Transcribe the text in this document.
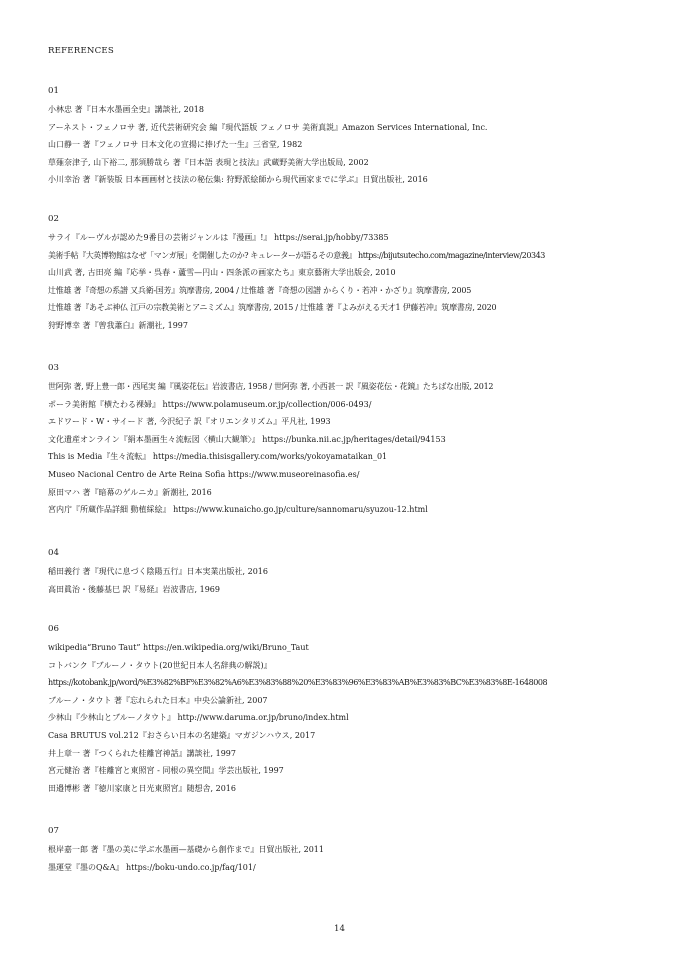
REFERENCES
01
小林忠 著『日本水墨画全史』講談社, 2018
アーネスト・フェノロサ 著, 近代芸術研究会 編『現代語版 フェノロサ 美術真説』Amazon Services International, Inc.
山口静一 著『フェノロサ 日本文化の宣揚に捧げた一生』三省堂, 1982
草薙奈津子, 山下裕二, 那須勝哉ら 著『日本語 表現と技法』武蔵野美術大学出版局, 2002
小川幸治 著『新装版 日本画画材と技法の秘伝集: 狩野派絵師から現代画家までに学ぶ』日貿出版社, 2016
02
サライ『ルーヴルが認めた9番目の芸術ジャンルは『漫画』!』 https://serai.jp/hobby/73385
美術手帖『大英博物館はなぜ「マンガ展」を開催したのか? キュレーターが語るその意義』 https://bijutsutecho.com/magazine/interview/20343
山川武 著, 古田亮 編『応挙・呉春・蘆雪—円山・四条派の画家たち』東京藝術大学出版会, 2010
辻惟雄 著『奇想の系譜 又兵衛-国芳』筑摩書房, 2004 / 辻惟雄 著『奇想の図譜 からくり・若冲・かざり』筑摩書房, 2005
辻惟雄 著『あそぶ神仏 江戸の宗教美術とアニミズム』筑摩書房, 2015 / 辻惟雄 著『よみがえる天才1 伊藤若冲』筑摩書房, 2020
狩野博幸 著『曾我蕭白』新潮社, 1997
03
世阿弥 著, 野上豊一郎・西尾実 編『風姿花伝』岩波書店, 1958 / 世阿弥 著, 小西甚一 訳『風姿花伝・花鏡』たちばな出版, 2012
ポーラ美術館『横たわる裸婦』 https://www.polamuseum.or.jp/collection/006-0493/
エドワード・W・サイード 著, 今沢紀子 訳『オリエンタリズム』平凡社, 1993
文化遺産オンライン『絹本墨画生々流転図〈横山大観筆〉』 https://bunka.nii.ac.jp/heritages/detail/94153
This is Media『生々流転』 https://media.thisisgallery.com/works/yokoyamataikan_01
Museo Nacional Centro de Arte Reina Sofia https://www.museoreinasofia.es/
原田マハ 著『暗幕のゲルニカ』新潮社, 2016
宮内庁『所蔵作品詳細 動植綵絵』 https://www.kunaicho.go.jp/culture/sannomaru/syuzou-12.html
04
稲田義行 著『現代に息づく陰陽五行』日本実業出版社, 2016
高田眞治・後藤基巳 訳『易経』岩波書店, 1969
06
wikipedia“Bruno Taut” https://en.wikipedia.org/wiki/Bruno_Taut
コトバンク『ブルーノ・タウト(20世紀日本人名辞典の解説)』
https://kotobank.jp/word/%E3%82%BF%E3%82%A6%E3%83%88%20%E3%83%96%E3%83%AB%E3%83%BC%E3%83%8E-1648008
ブルーノ・タウト 著『忘れられた日本』中央公論新社, 2007
少林山『少林山とブルーノタウト』 http://www.daruma.or.jp/bruno/index.html
Casa BRUTUS vol.212『おさらい日本の名建築』マガジンハウス, 2017
井上章一 著『つくられた桂離宮神話』講談社, 1997
宮元健治 著『桂離宮と東照宮 - 同根の異空間』学芸出版社, 1997
田邉博彬 著『徳川家康と日光東照宮』随想舎, 2016
07
根岸嘉一郎 著『墨の美に学ぶ水墨画—基礎から創作まで』日貿出版社, 2011
墨運堂『墨のQ&A』 https://boku-undo.co.jp/faq/101/
14
